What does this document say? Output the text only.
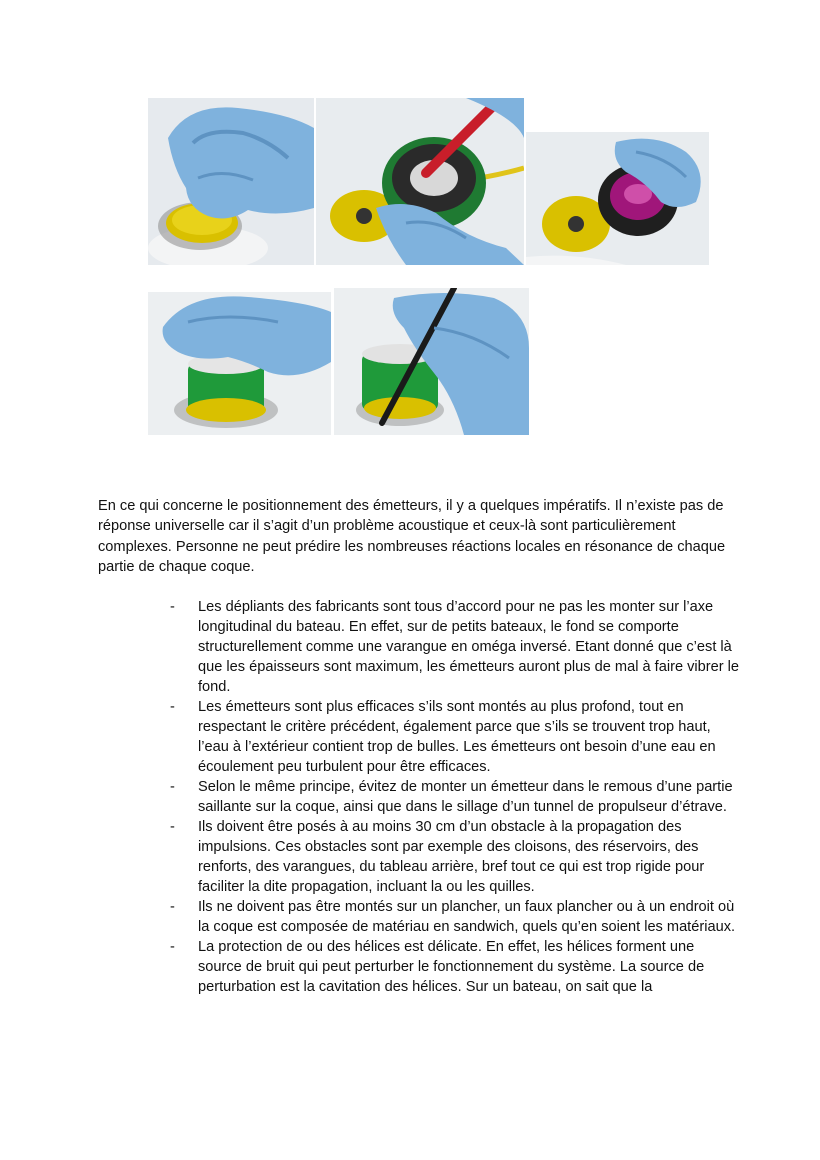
En ce qui concerne le positionnement des émetteurs, il y a quelques impératifs. Il n’existe pas de réponse universelle car il s’agit d’un problème acoustique et ceux-là sont particulièrement complexes. Personne ne peut prédire les nombreuses réactions locales en résonance de chaque partie de chaque coque.

- Les dépliants des fabricants sont tous d’accord pour ne pas les monter sur l’axe longitudinal du bateau. En effet, sur de petits bateaux, le fond se comporte structurellement comme une varangue en oméga inversé. Etant donné que c’est là que les épaisseurs sont maximum, les émetteurs auront plus de mal à faire vibrer le fond.
- Les émetteurs sont plus efficaces s’ils sont montés au plus profond, tout en respectant le critère précédent, également parce que s’ils se trouvent trop haut, l’eau à l’extérieur contient trop de bulles. Les émetteurs ont besoin d’une eau en écoulement peu turbulent pour être efficaces.
- Selon le même principe, évitez de monter un émetteur dans le remous d’une partie saillante sur la coque, ainsi que dans le sillage d’un tunnel de propulseur d’étrave.
- Ils doivent être posés à au moins 30 cm d’un obstacle à la propagation des impulsions. Ces obstacles sont par exemple des cloisons, des réservoirs, des renforts, des varangues, du tableau arrière, bref tout ce qui est trop rigide pour faciliter la dite propagation, incluant la ou les quilles.
- Ils ne doivent pas être montés sur un plancher, un faux plancher ou à un endroit où la coque est composée de matériau en sandwich, quels qu’en soient les matériaux.
- La protection de ou des hélices est délicate. En effet, les hélices forment une source de bruit qui peut perturber le fonctionnement du système. La source de perturbation est la cavitation des hélices. Sur un bateau, on sait que la
